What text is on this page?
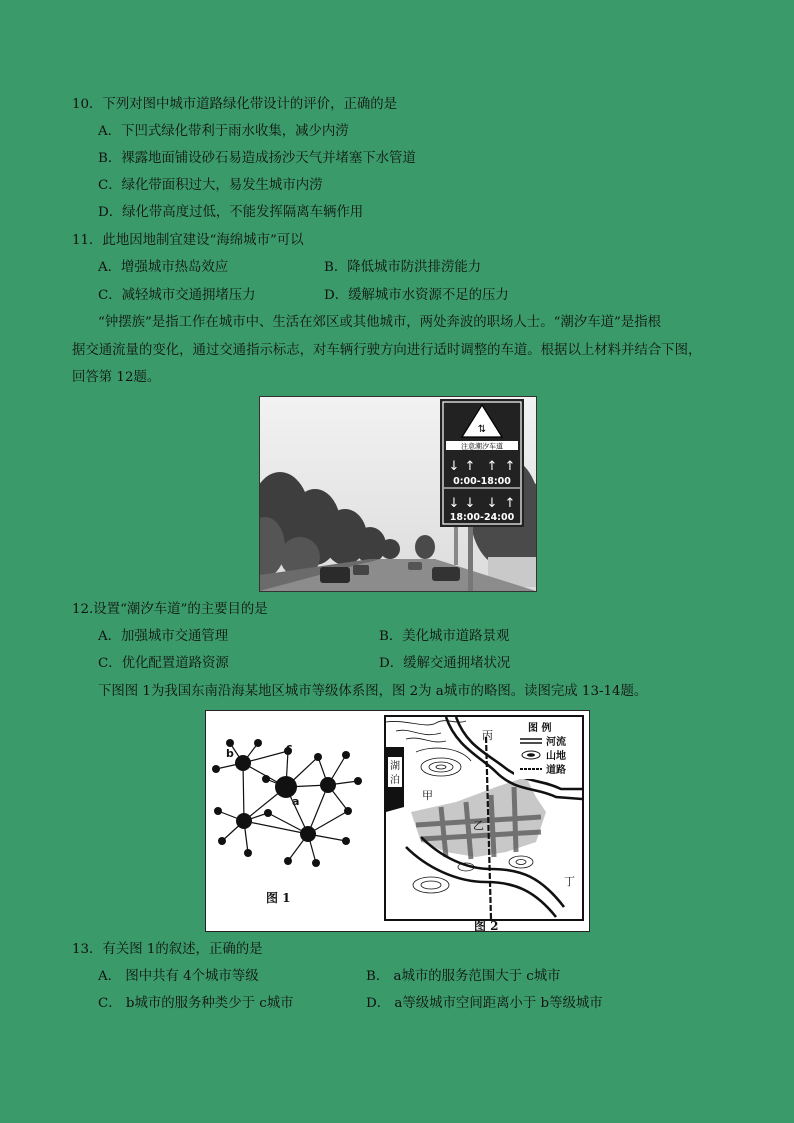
10．下列对图中城市道路绿化带设计的评价，正确的是
A．下凹式绿化带利于雨水收集，减少内涝
B．裸露地面铺设砂石易造成扬沙天气并堵塞下水管道
C．绿化带面积过大，易发生城市内涝
D．绿化带高度过低，不能发挥隔离车辆作用
11．此地因地制宜建设“海绵城市”可以
A．增强城市热岛效应	B．降低城市防洪排涝能力
C．减轻城市交通拥堵压力	D．缓解城市水资源不足的压力
“钟摆族”是指工作在城市中、生活在郊区或其他城市，两处奔波的职场人士。“潮汐车道”是指根
据交通流量的变化，通过交通指示标志，对车辆行驶方向进行适时调整的车道。根据以上材料并结合下图，
回答第 12题。
⇅
注意潮汐车道
↓ ↑ ↑ ↑
0:00-18:00
↓ ↓ ↓ ↑
18:00-24:00
12.设置“潮汐车道”的主要目的是
A．加强城市交通管理	B．美化城市道路景观
C．优化配置道路资源	D．缓解交通拥堵状况
下图图 1为我国东南沿海某地区城市等级体系图，图 2为 a城市的略图。读图完成 13-14题。
b	c
a
图 1
湖
泊
甲
乙
丙
丁
图 例
河流
山地
道路
图 2
13．有关图 1的叙述，正确的是
A． 图中共有 4个城市等级	B． a城市的服务范围大于 c城市
C． b城市的服务种类少于 c城市	D． a等级城市空间距离小于 b等级城市
